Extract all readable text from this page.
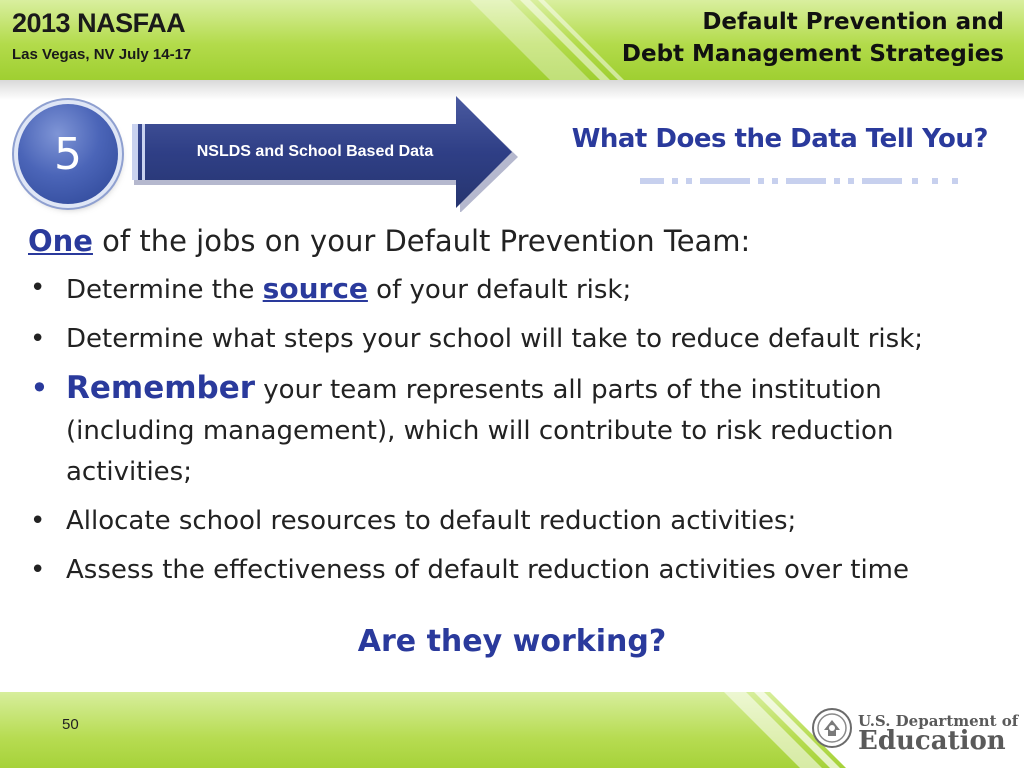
2013 NASFAA
Las Vegas, NV July 14-17
Default Prevention and
Debt Management Strategies
5	NSLDS and School Based Data	What Does the Data Tell You?
One of the jobs on your Default Prevention Team:
• Determine the source of your default risk;
• Determine what steps your school will take to reduce default risk;
• Remember your team represents all parts of the institution (including management), which will contribute to risk reduction activities;
• Allocate school resources to default reduction activities;
• Assess the effectiveness of default reduction activities over time
Are they working?
50	U.S. Department of
Education
